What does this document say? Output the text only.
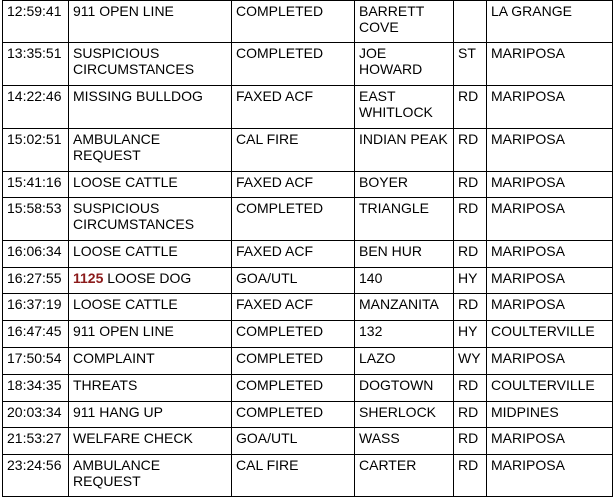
12:59:41	911 OPEN LINE	COMPLETED	BARRETT COVE		LA GRANGE
13:35:51	SUSPICIOUS CIRCUMSTANCES	COMPLETED	JOE HOWARD	ST	MARIPOSA
14:22:46	MISSING BULLDOG	FAXED ACF	EAST WHITLOCK	RD	MARIPOSA
15:02:51	AMBULANCE REQUEST	CAL FIRE	INDIAN PEAK	RD	MARIPOSA
15:41:16	LOOSE CATTLE	FAXED ACF	BOYER	RD	MARIPOSA
15:58:53	SUSPICIOUS CIRCUMSTANCES	COMPLETED	TRIANGLE	RD	MARIPOSA
16:06:34	LOOSE CATTLE	FAXED ACF	BEN HUR	RD	MARIPOSA
16:27:55	1125 LOOSE DOG	GOA/UTL	140	HY	MARIPOSA
16:37:19	LOOSE CATTLE	FAXED ACF	MANZANITA	RD	MARIPOSA
16:47:45	911 OPEN LINE	COMPLETED	132	HY	COULTERVILLE
17:50:54	COMPLAINT	COMPLETED	LAZO	WY	MARIPOSA
18:34:35	THREATS	COMPLETED	DOGTOWN	RD	COULTERVILLE
20:03:34	911 HANG UP	COMPLETED	SHERLOCK	RD	MIDPINES
21:53:27	WELFARE CHECK	GOA/UTL	WASS	RD	MARIPOSA
23:24:56	AMBULANCE REQUEST	CAL FIRE	CARTER	RD	MARIPOSA
